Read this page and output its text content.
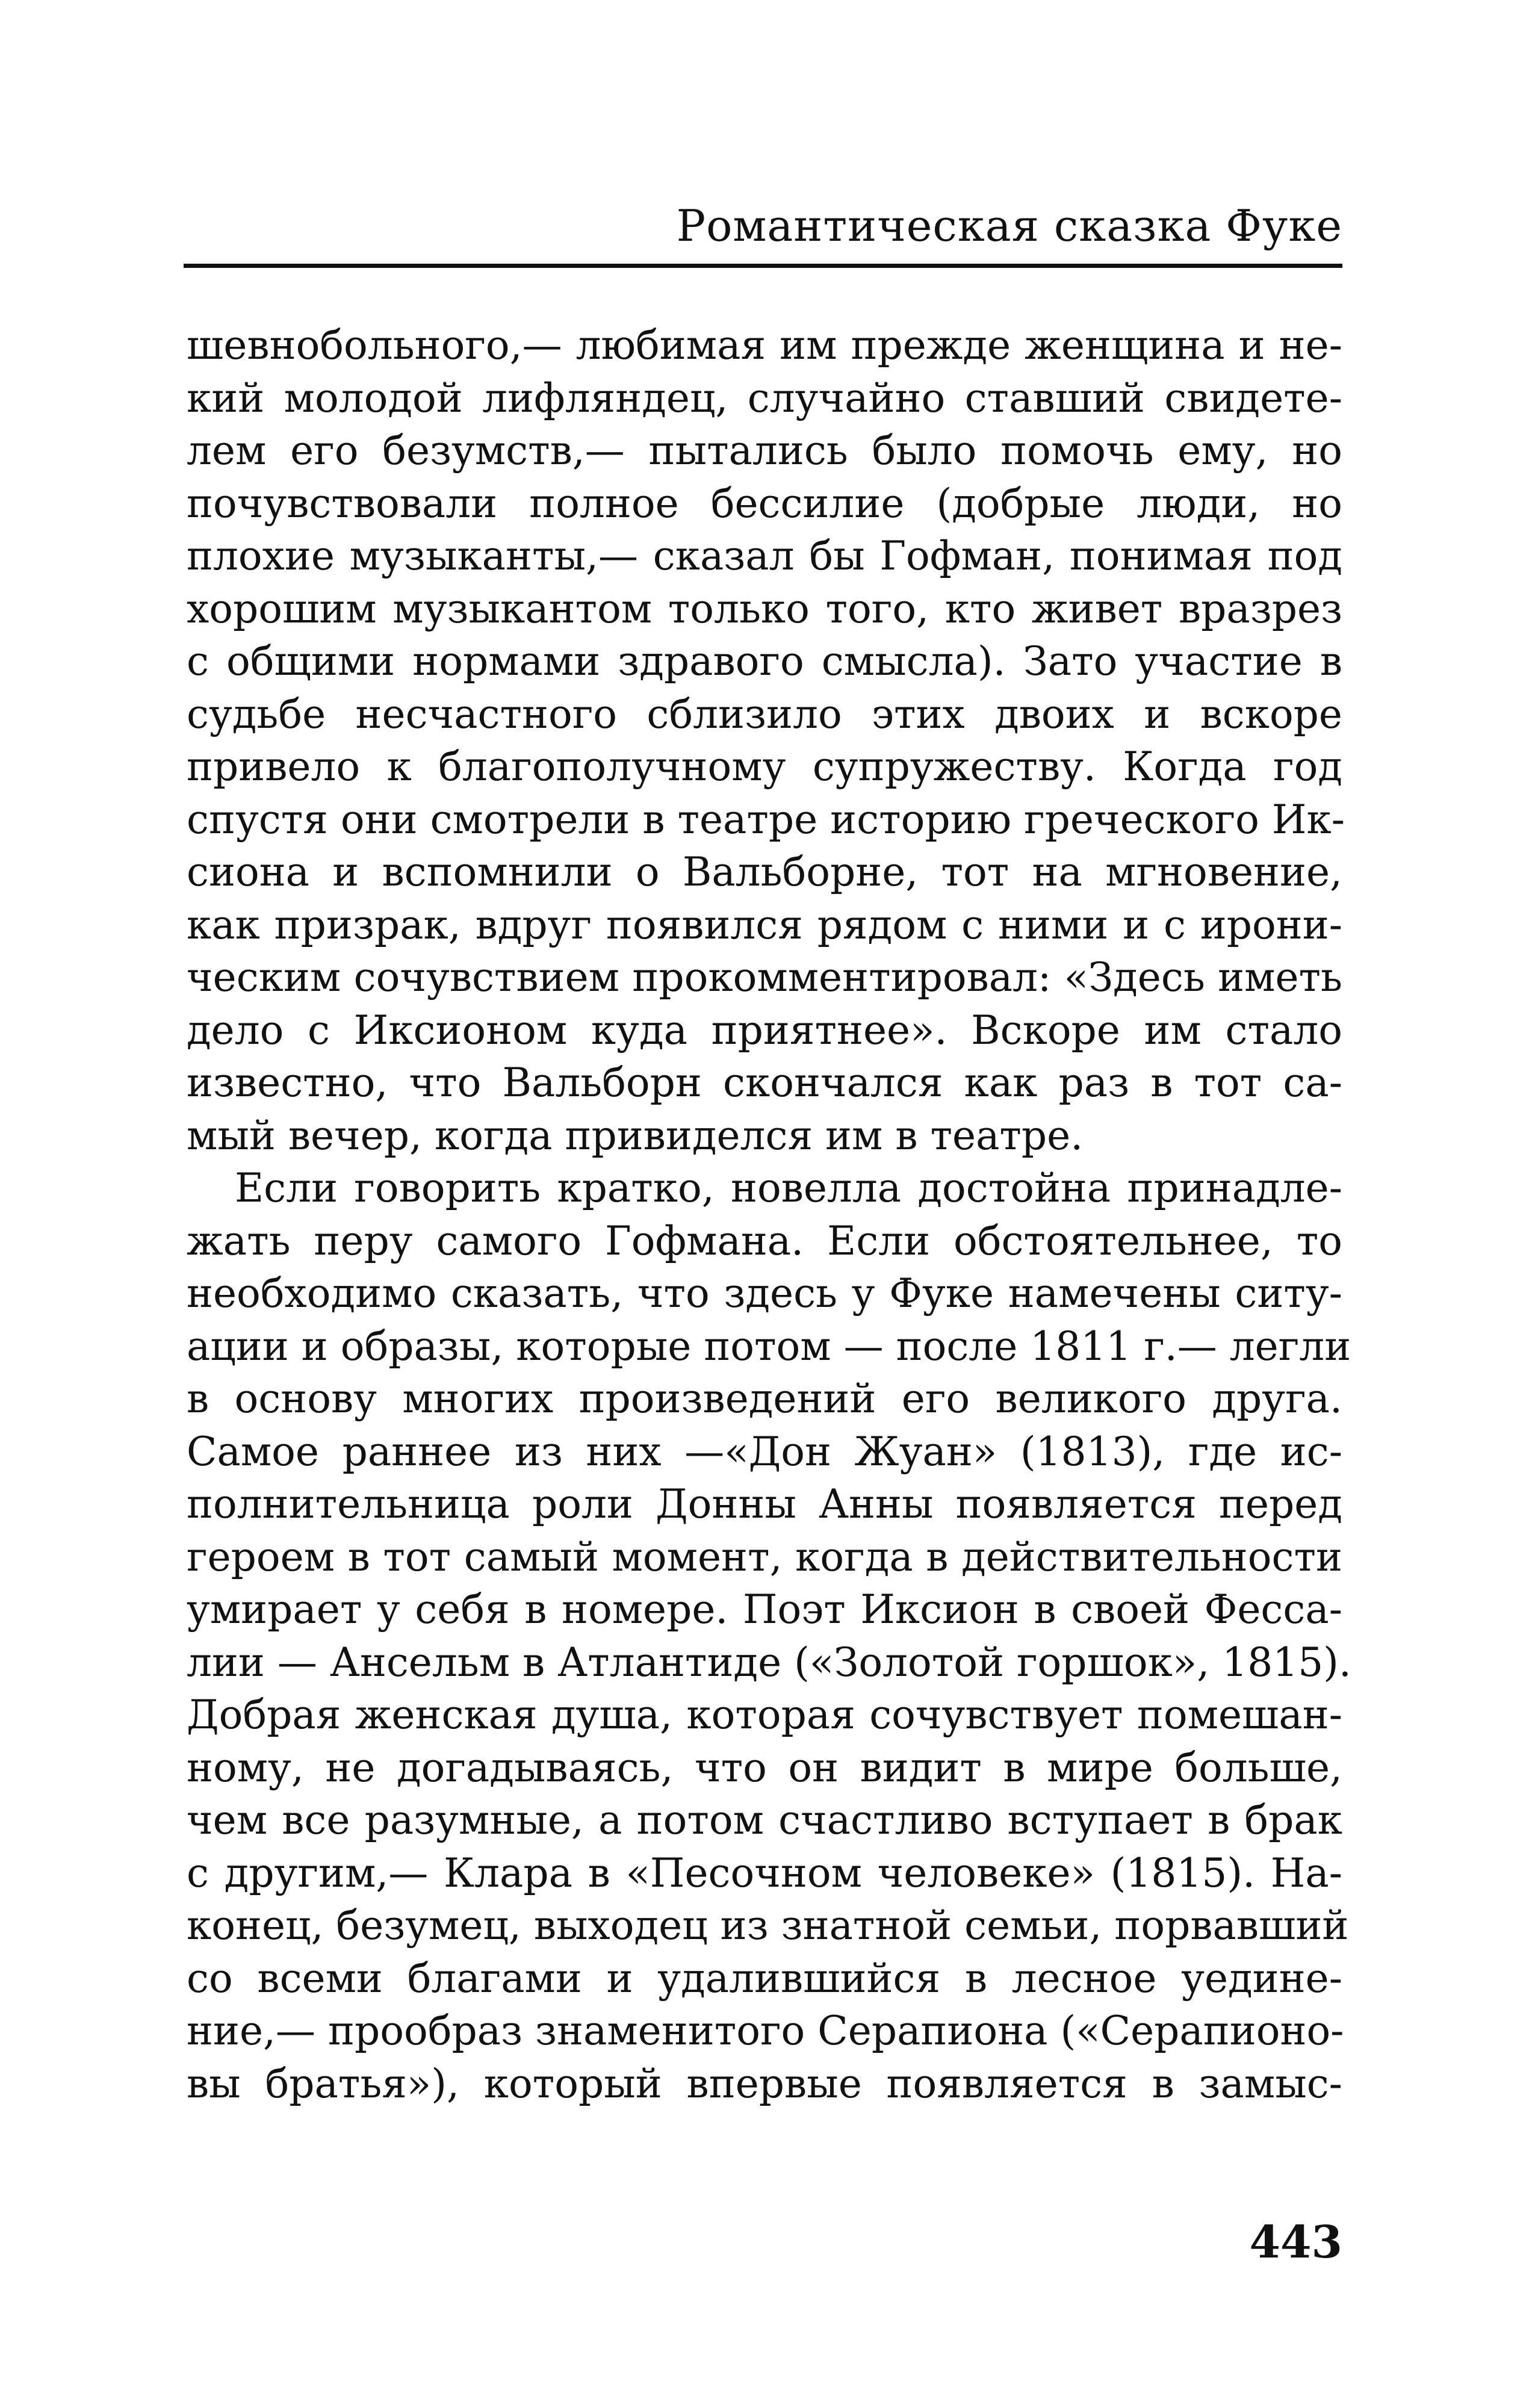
Романтическая сказка Фуке
шевнобольного,— любимая им прежде женщина и не-
кий молодой лифляндец, случайно ставший свидете-
лем его безумств,— пытались было помочь ему, но
почувствовали полное бессилие (добрые люди, но
плохие музыканты,— сказал бы Гофман, понимая под
хорошим музыкантом только того, кто живет вразрез
с общими нормами здравого смысла). Зато участие в
судьбе несчастного сблизило этих двоих и вскоре
привело к благополучному супружеству. Когда год
спустя они смотрели в театре историю греческого Ик-
сиона и вспомнили о Вальборне, тот на мгновение,
как призрак, вдруг появился рядом с ними и с ирони-
ческим сочувствием прокомментировал: «Здесь иметь
дело с Иксионом куда приятнее». Вскоре им стало
известно, что Вальборн скончался как раз в тот са-
мый вечер, когда привиделся им в театре.
Если говорить кратко, новелла достойна принадле-
жать перу самого Гофмана. Если обстоятельнее, то
необходимо сказать, что здесь у Фуке намечены ситу-
ации и образы, которые потом — после 1811 г.— легли
в основу многих произведений его великого друга.
Самое раннее из них —«Дон Жуан» (1813), где ис-
полнительница роли Донны Анны появляется перед
героем в тот самый момент, когда в действительности
умирает у себя в номере. Поэт Иксион в своей Фесса-
лии — Ансельм в Атлантиде («Золотой горшок», 1815).
Добрая женская душа, которая сочувствует помешан-
ному, не догадываясь, что он видит в мире больше,
чем все разумные, а потом счастливо вступает в брак
с другим,— Клара в «Песочном человеке» (1815). На-
конец, безумец, выходец из знатной семьи, порвавший
со всеми благами и удалившийся в лесное уедине-
ние,— прообраз знаменитого Серапиона («Серапионо-
вы братья»), который впервые появляется в замыс-
443
